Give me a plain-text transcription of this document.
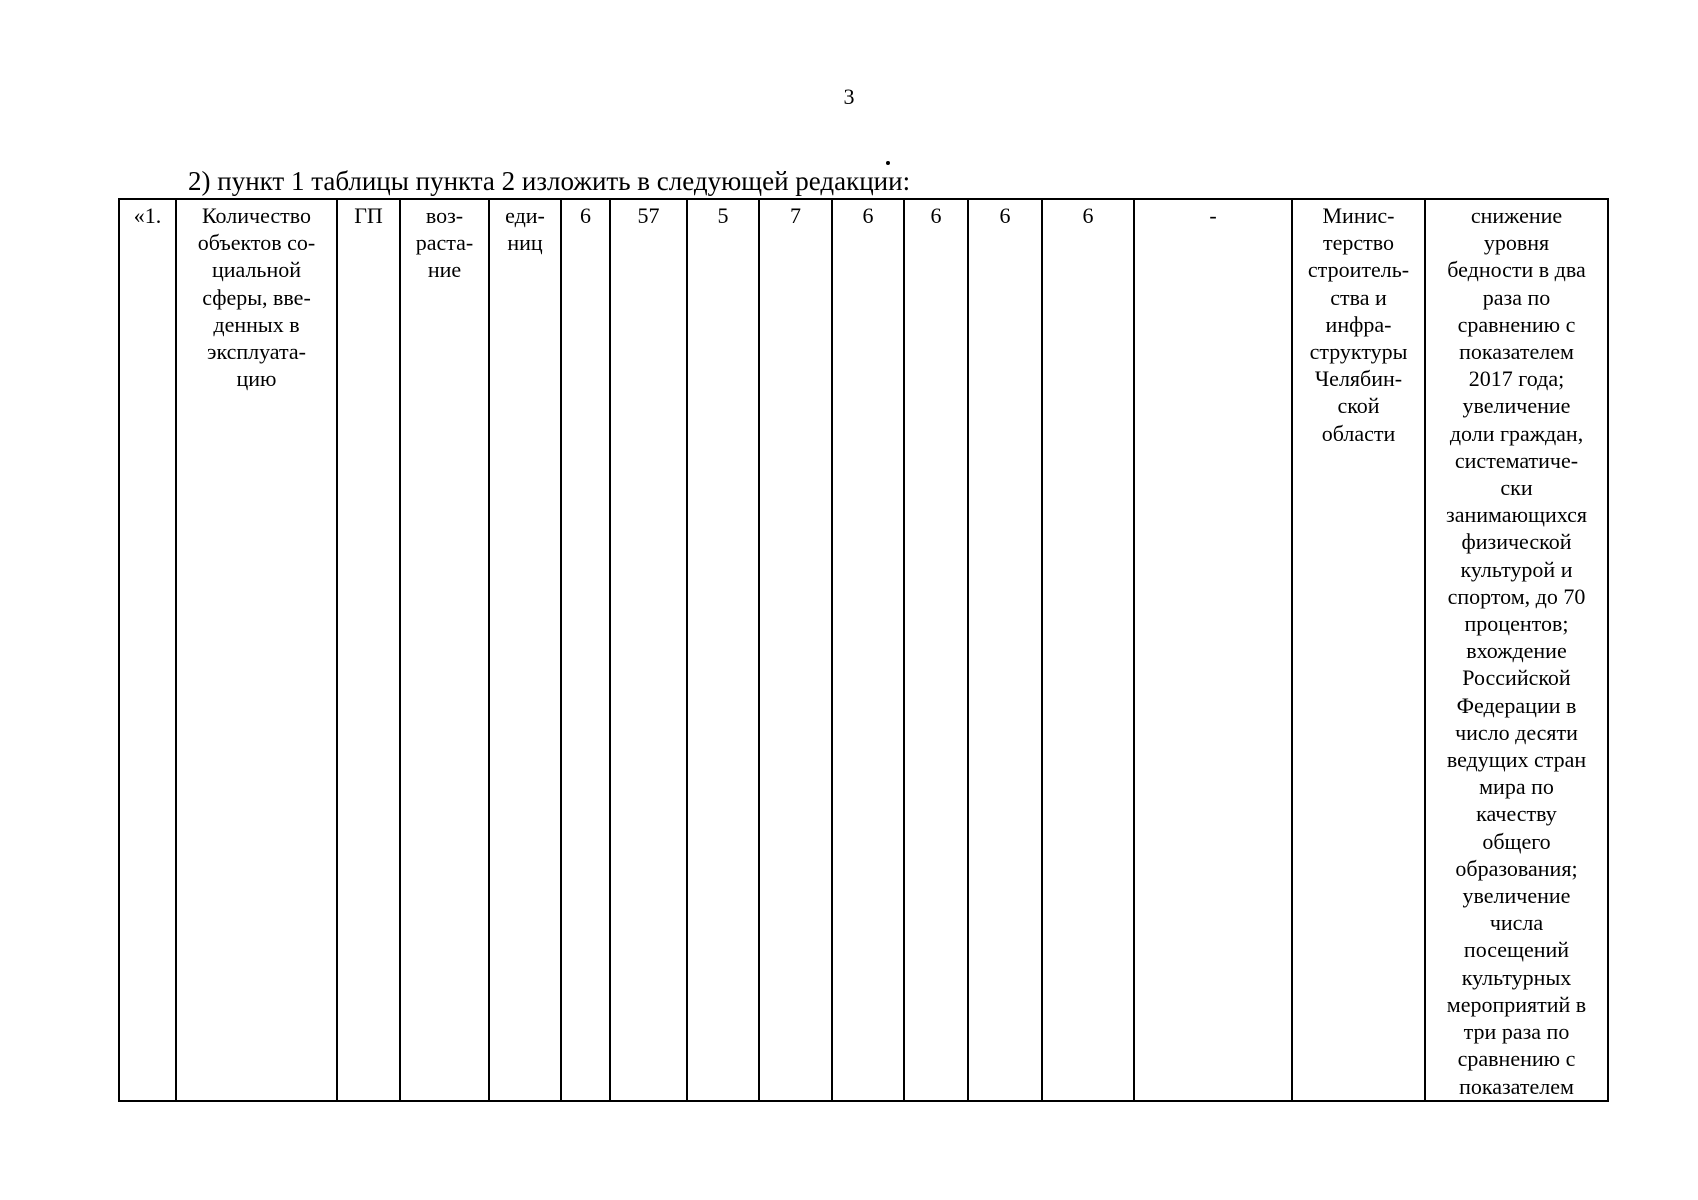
3
2) пункт 1 таблицы пункта 2 изложить в следующей редакции:
«1.	Количество
объектов со-
циальной
сферы, вве-
денных в
эксплуата-
цию	ГП	воз-
раста-
ние	еди-
ниц	6	57	5	7	6	6	6	6	-	Минис-
терство
строитель-
ства и
инфра-
структуры
Челябин-
ской
области	снижение
уровня
бедности в два
раза по
сравнению с
показателем
2017 года;
увеличение
доли граждан,
систематиче-
ски
занимающихся
физической
культурой и
спортом, до 70
процентов;
вхождение
Российской
Федерации в
число десяти
ведущих стран
мира по
качеству
общего
образования;
увеличение
числа
посещений
культурных
мероприятий в
три раза по
сравнению с
показателем
